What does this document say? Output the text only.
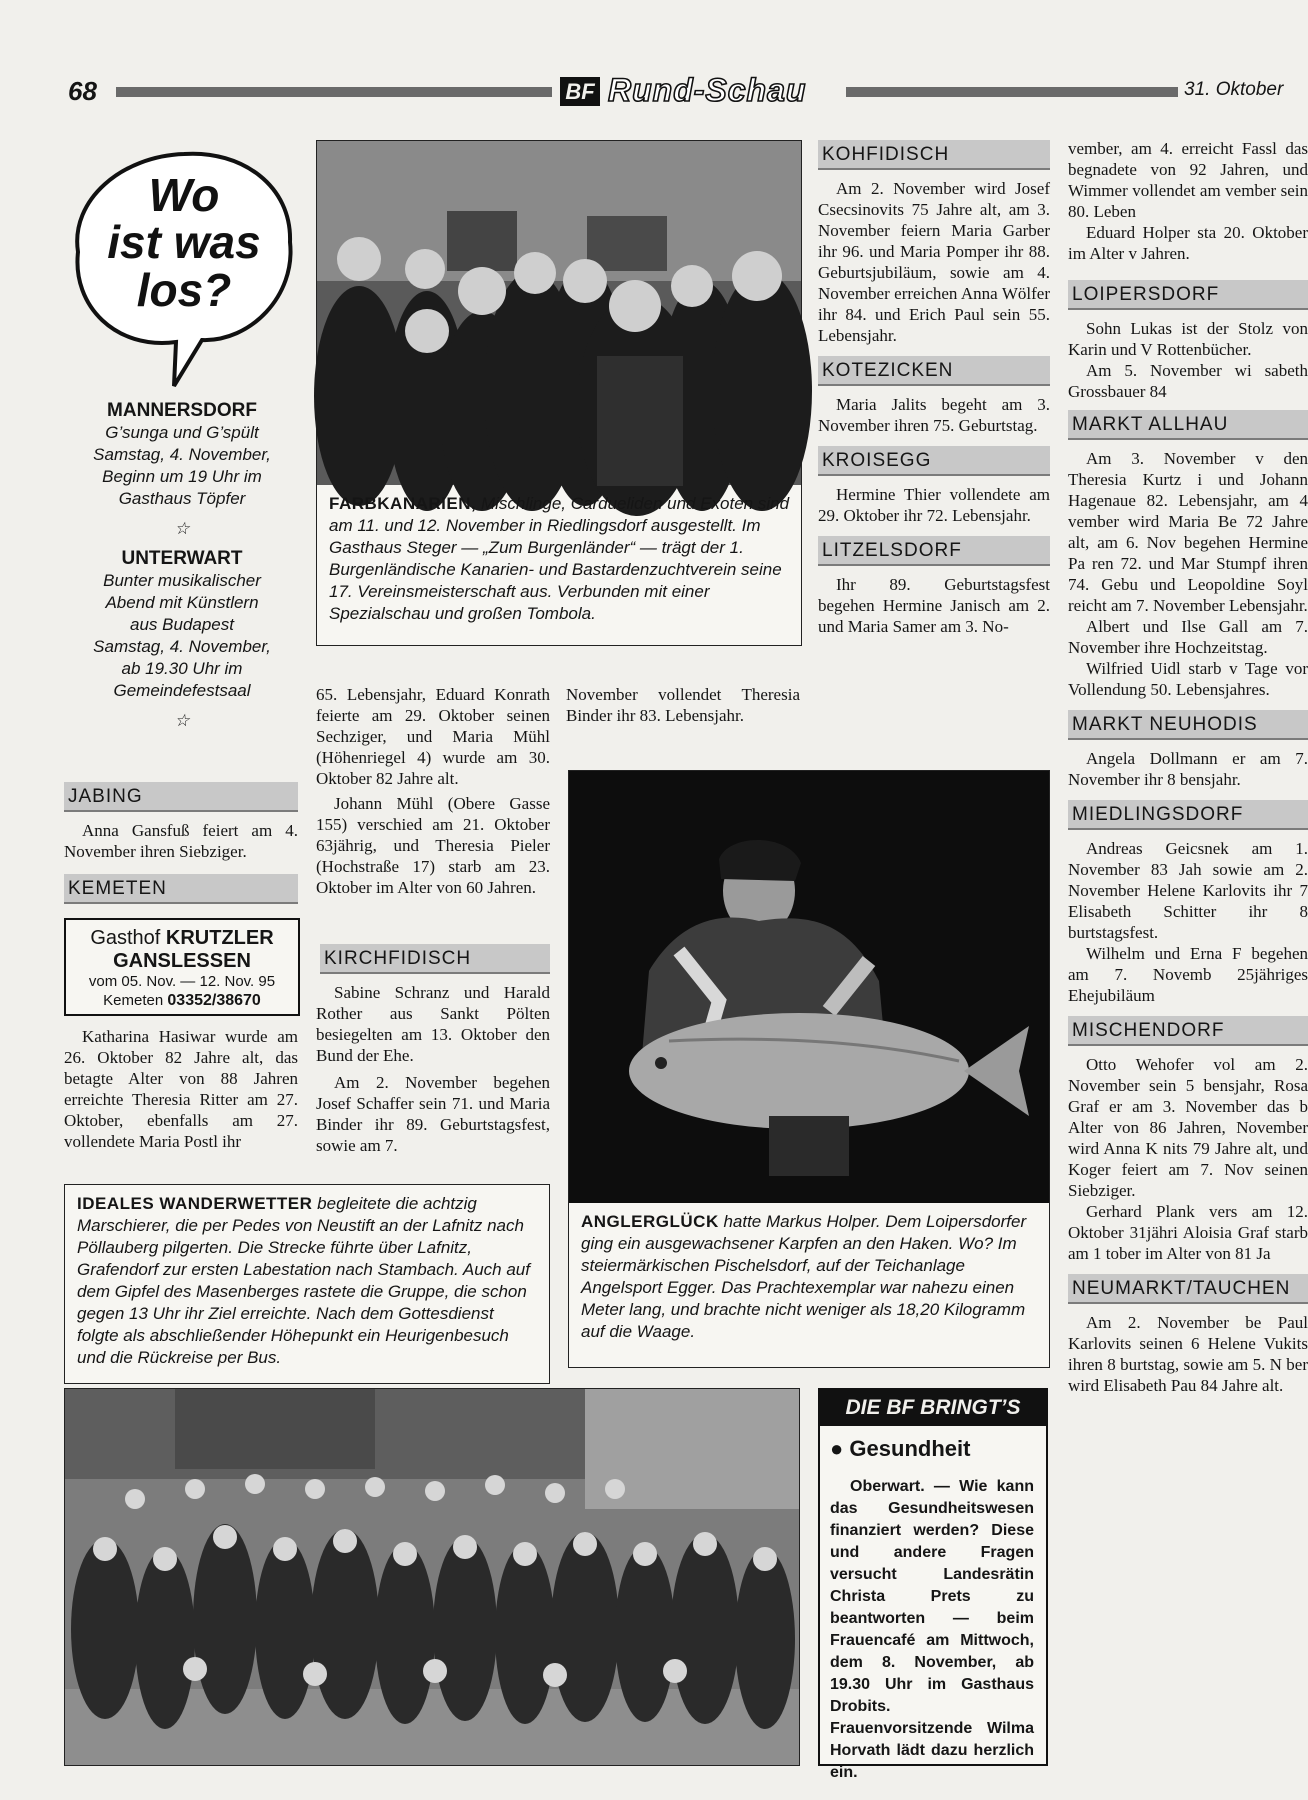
68	BF Rund-Schau	31. Oktober
Wo
ist was
los?

MANNERSDORF

G’sunga und G’spült

Samstag, 4. November,

Beginn um 19 Uhr im

Gasthaus Töpfer

☆

UNTERWART

Bunter musikalischer

Abend mit Künstlern

aus Budapest

Samstag, 4. November,

ab 19.30 Uhr im

Gemeindefestsaal

☆

JABING

Anna Gansfuß feiert am 4. November ihren Siebziger.

KEMETEN
Gasthof KRUTZLER
GANSLESSEN
vom 05. Nov. — 12. Nov. 95
Kemeten 03352/38670

Katharina Hasiwar wurde am 26. Oktober 82 Jahre alt, das betagte Alter von 88 Jahren erreichte Theresia Ritter am 27. Oktober, ebenfalls am 27. vollendete Maria Postl ihr

FARBKANARIEN, Mischlinge, Cardueliden und Exoten sind am 11. und 12. November in Riedlingsdorf ausgestellt. Im Gasthaus Steger — „Zum Burgenländer“ — trägt der 1. Burgenländische Kanarien- und Bastardenzuchtverein seine 17. Vereinsmeisterschaft aus. Verbunden mit einer Spezialschau und großen Tombola.

65. Lebensjahr, Eduard Konrath feierte am 29. Oktober seinen Sechziger, und Maria Mühl (Höhenriegel 4) wurde am 30. Oktober 82 Jahre alt.

Johann Mühl (Obere Gasse 155) verschied am 21. Oktober 63jährig, und Theresia Pieler (Hochstraße 17) starb am 23. Oktober im Alter von 60 Jahren.

KIRCHFIDISCH

Sabine Schranz und Harald Rother aus Sankt Pölten besiegelten am 13. Oktober den Bund der Ehe.

Am 2. November begehen Josef Schaffer sein 71. und Maria Binder ihr 89. Geburtstagsfest, sowie am 7.

November vollendet Theresia Binder ihr 83. Lebensjahr.

KOHFIDISCH

Am 2. November wird Josef Csecsinovits 75 Jahre alt, am 3. November feiern Maria Garber ihr 96. und Maria Pomper ihr 88. Geburtsjubiläum, sowie am 4. November erreichen Anna Wölfer ihr 84. und Erich Paul sein 55. Lebensjahr.

KOTEZICKEN

Maria Jalits begeht am 3. November ihren 75. Geburtstag.

KROISEGG

Hermine Thier vollendete am 29. Oktober ihr 72. Lebensjahr.

LITZELSDORF

Ihr 89. Geburtstagsfest begehen Hermine Janisch am 2. und Maria Samer am 3. No-

vember, am 4. erreicht Fassl das begnadete von 92 Jahren, und Wimmer vollendet am vember sein 80. Leben

Eduard Holper sta 20. Oktober im Alter v Jahren.

LOIPERSDORF

Sohn Lukas ist der Stolz von Karin und V Rottenbücher.

Am 5. November wi sabeth Grossbauer 84

MARKT ALLHAU

Am 3. November v den Theresia Kurtz i und Johann Hagenaue 82. Lebensjahr, am 4 vember wird Maria Be 72 Jahre alt, am 6. Nov begehen Hermine Pa ren 72. und Mar Stumpf ihren 74. Gebu und Leopoldine Soyl reicht am 7. November Lebensjahr.

Albert und Ilse Gall am 7. November ihre Hochzeitstag.

Wilfried Uidl starb v Tage vor Vollendung 50. Lebensjahres.

MARKT NEUHODIS

Angela Dollmann er am 7. November ihr 8 bensjahr.

MIEDLINGSDORF

Andreas Geicsnek am 1. November 83 Jah sowie am 2. November Helene Karlovits ihr 7 Elisabeth Schitter ihr 8 burtstagsfest.

Wilhelm und Erna F begehen am 7. Novemb 25jähriges Ehejubiläum

MISCHENDORF

Otto Wehofer vol am 2. November sein 5 bensjahr, Rosa Graf er am 3. November das b Alter von 86 Jahren, November wird Anna K nits 79 Jahre alt, und Koger feiert am 7. Nov seinen Siebziger.

Gerhard Plank vers am 12. Oktober 31jähri Aloisia Graf starb am 1 tober im Alter von 81 Ja

NEUMARKT/TAUCHEN

Am 2. November be Paul Karlovits seinen 6 Helene Vukits ihren 8 burtstag, sowie am 5. N ber wird Elisabeth Pau 84 Jahre alt.

ANGLERGLÜCK hatte Markus Holper. Dem Loipersdorfer ging ein ausgewachsener Karpfen an den Haken. Wo? Im steiermärkischen Pischelsdorf, auf der Teichanlage Angelsport Egger. Das Prachtexemplar war nahezu einen Meter lang, und brachte nicht weniger als 18,20 Kilogramm auf die Waage.
IDEALES WANDERWETTER begleitete die achtzig Marschierer, die per Pedes von Neustift an der Lafnitz nach Pöllauberg pilgerten. Die Strecke führte über Lafnitz, Grafendorf zur ersten Labestation nach Stambach. Auch auf dem Gipfel des Masenberges rastete die Gruppe, die schon gegen 13 Uhr ihr Ziel erreichte. Nach dem Gottesdienst folgte als abschließender Höhepunkt ein Heurigenbesuch und die Rückreise per Bus.
DIE BF BRINGT’S
● Gesundheit
Oberwart. — Wie kann das Gesundheitswesen finanziert werden? Diese und andere Fragen versucht Landesrätin Christa Prets zu beantworten — beim Frauencafé am Mittwoch, dem 8. November, ab 19.30 Uhr im Gasthaus Drobits. Frauenvorsitzende Wilma Horvath lädt dazu herzlich ein.
